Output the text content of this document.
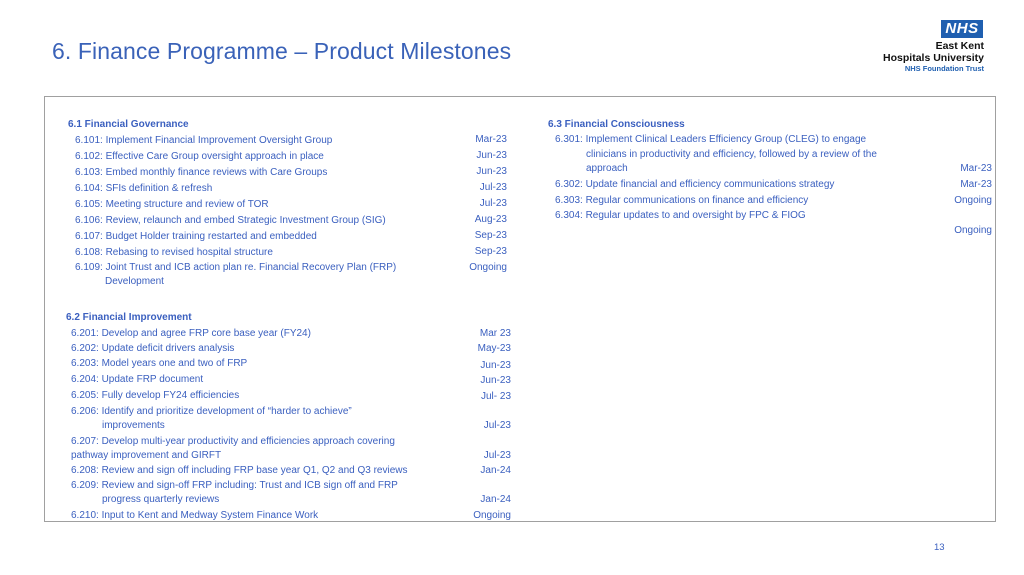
6. Finance Programme – Product Milestones
NHS
East Kent
Hospitals University
NHS Foundation Trust
6.1 Financial Governance
6.101: Implement Financial Improvement Oversight Group	Mar-23
6.102: Effective Care Group oversight approach in place	Jun-23
6.103: Embed monthly finance reviews with Care Groups	Jun-23
6.104: SFIs definition & refresh	Jul-23
6.105: Meeting structure and review of TOR	Jul-23
6.106: Review, relaunch and embed Strategic Investment Group (SIG)	Aug-23
6.107: Budget Holder training restarted and embedded	Sep-23
6.108: Rebasing to revised hospital structure	Sep-23
6.109: Joint Trust and ICB action plan re. Financial Recovery Plan (FRP)
Development
Ongoing
6.2 Financial Improvement
6.201: Develop and agree FRP core base year (FY24)	Mar 23
6.202: Update deficit drivers analysis	May-23
6.203: Model years one and two of FRP	Jun-23
6.204: Update FRP document	Jun-23
6.205: Fully develop FY24 efficiencies	Jul- 23
6.206: Identify and prioritize development of “harder to achieve”
improvements	Jul-23
6.207: Develop multi-year productivity and efficiencies approach covering
pathway improvement and GIRFT	Jul-23
6.208: Review and sign off including FRP base year Q1, Q2 and Q3 reviews	Jan-24
6.209: Review and sign-off FRP including: Trust and ICB sign off and FRP
progress quarterly reviews	Jan-24
6.210: Input to Kent and Medway System Finance Work	Ongoing
6.3 Financial Consciousness
6.301: Implement Clinical Leaders Efficiency Group (CLEG) to engage
clinicians in productivity and efficiency, followed by a review of the
approach	Mar-23
6.302: Update financial and efficiency communications strategy	Mar-23
6.303: Regular communications on finance and efficiency	Ongoing
6.304: Regular updates to and oversight by FPC & FIOG
Ongoing
13
